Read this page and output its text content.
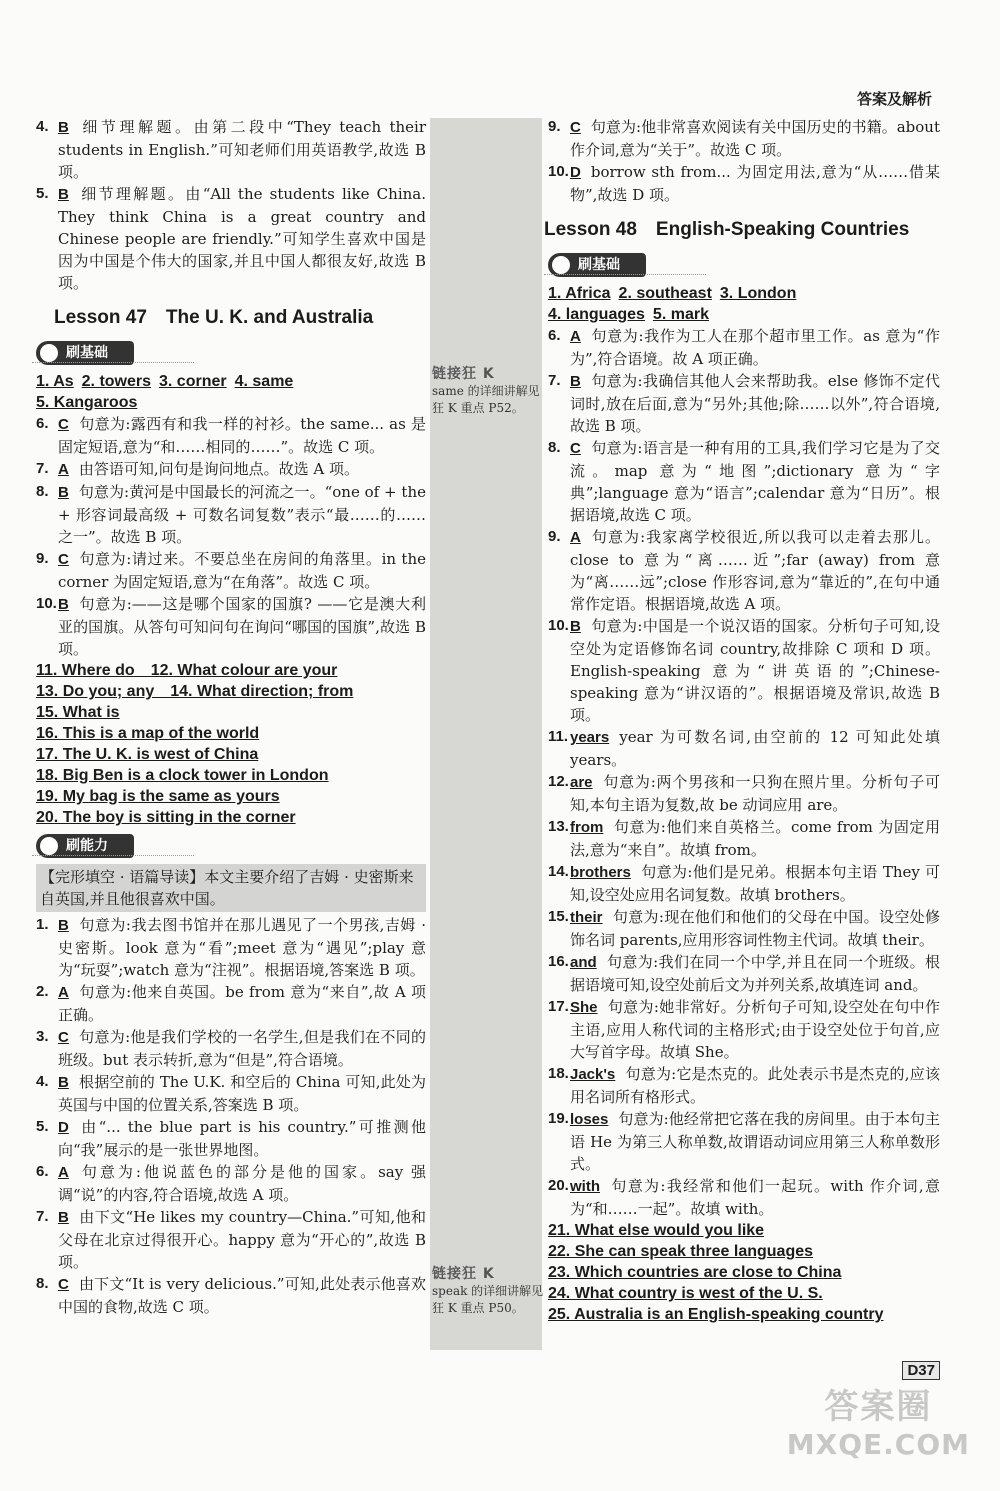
答案及解析
链接狂 K
same 的详细讲解见狂 K 重点 P52。
链接狂 K
speak 的详细讲解见狂 K 重点 P50。
4. B 细节理解题。由第二段中“They teach their students in English.”可知老师们用英语教学,故选 B 项。
5. B 细节理解题。由“All the students like China. They think China is a great country and Chinese people are friendly.”可知学生喜欢中国是因为中国是个伟大的国家,并且中国人都很友好,故选 B 项。
Lesson 47　The U. K. and Australia
刷基础
1. As 2. towers 3. corner 4. same
5. Kangaroos
6. C 句意为:露西有和我一样的衬衫。the same... as 是固定短语,意为“和……相同的……”。故选 C 项。
7. A 由答语可知,问句是询问地点。故选 A 项。
8. B 句意为:黄河是中国最长的河流之一。“one of + the + 形容词最高级 + 可数名词复数”表示“最……的……之一”。故选 B 项。
9. C 句意为:请过来。不要总坐在房间的角落里。in the corner 为固定短语,意为“在角落”。故选 C 项。
10. B 句意为:——这是哪个国家的国旗? ——它是澳大利亚的国旗。从答句可知问句在询问“哪国的国旗”,故选 B 项。
11. Where do　12. What colour are your
13. Do you; any　14. What direction; from
15. What is
16. This is a map of the world
17. The U. K. is west of China
18. Big Ben is a clock tower in London
19. My bag is the same as yours
20. The boy is sitting in the corner
刷能力
【完形填空 · 语篇导读】本文主要介绍了吉姆 · 史密斯来自英国,并且他很喜欢中国。
1. B 句意为:我去图书馆并在那儿遇见了一个男孩,吉姆 · 史密斯。look 意为“看”;meet 意为“遇见”;play 意为“玩耍”;watch 意为“注视”。根据语境,答案选 B 项。
2. A 句意为:他来自英国。be from 意为“来自”,故 A 项正确。
3. C 句意为:他是我们学校的一名学生,但是我们在不同的班级。but 表示转折,意为“但是”,符合语境。
4. B 根据空前的 The U.K. 和空后的 China 可知,此处为英国与中国的位置关系,答案选 B 项。
5. D 由“... the blue part is his country.”可推测他向“我”展示的是一张世界地图。
6. A 句意为:他说蓝色的部分是他的国家。say 强调“说”的内容,符合语境,故选 A 项。
7. B 由下文“He likes my country—China.”可知,他和父母在北京过得很开心。happy 意为“开心的”,故选 B 项。
8. C 由下文“It is very delicious.”可知,此处表示他喜欢中国的食物,故选 C 项。
9. C 句意为:他非常喜欢阅读有关中国历史的书籍。about 作介词,意为“关于”。故选 C 项。
10. D borrow sth from... 为固定用法,意为“从……借某物”,故选 D 项。
Lesson 48　English-Speaking Countries
刷基础
1. Africa 2. southeast 3. London
4. languages 5. mark
6. A 句意为:我作为工人在那个超市里工作。as 意为“作为”,符合语境。故 A 项正确。
7. B 句意为:我确信其他人会来帮助我。else 修饰不定代词时,放在后面,意为“另外;其他;除……以外”,符合语境,故选 B 项。
8. C 句意为:语言是一种有用的工具,我们学习它是为了交流。map 意为“地图”;dictionary 意为“字典”;language 意为“语言”;calendar 意为“日历”。根据语境,故选 C 项。
9. A 句意为:我家离学校很近,所以我可以走着去那儿。close to 意为“离……近”;far (away) from 意为“离……远”;close 作形容词,意为“靠近的”,在句中通常作定语。根据语境,故选 A 项。
10. B 句意为:中国是一个说汉语的国家。分析句子可知,设空处为定语修饰名词 country,故排除 C 项和 D 项。English-speaking 意为“讲英语的”;Chinese-speaking 意为“讲汉语的”。根据语境及常识,故选 B 项。
11. years year 为可数名词,由空前的 12 可知此处填 years。
12. are 句意为:两个男孩和一只狗在照片里。分析句子可知,本句主语为复数,故 be 动词应用 are。
13. from 句意为:他们来自英格兰。come from 为固定用法,意为“来自”。故填 from。
14. brothers 句意为:他们是兄弟。根据本句主语 They 可知,设空处应用名词复数。故填 brothers。
15. their 句意为:现在他们和他们的父母在中国。设空处修饰名词 parents,应用形容词性物主代词。故填 their。
16. and 句意为:我们在同一个中学,并且在同一个班级。根据语境可知,设空处前后文为并列关系,故填连词 and。
17. She 句意为:她非常好。分析句子可知,设空处在句中作主语,应用人称代词的主格形式;由于设空处位于句首,应大写首字母。故填 She。
18. Jack's 句意为:它是杰克的。此处表示书是杰克的,应该用名词所有格形式。
19. loses 句意为:他经常把它落在我的房间里。由于本句主语 He 为第三人称单数,故谓语动词应用第三人称单数形式。
20. with 句意为:我经常和他们一起玩。with 作介词,意为“和……一起”。故填 with。
21. What else would you like
22. She can speak three languages
23. Which countries are close to China
24. What country is west of the U. S.
25. Australia is an English-speaking country
D37
答案圈
MXQE.COM
